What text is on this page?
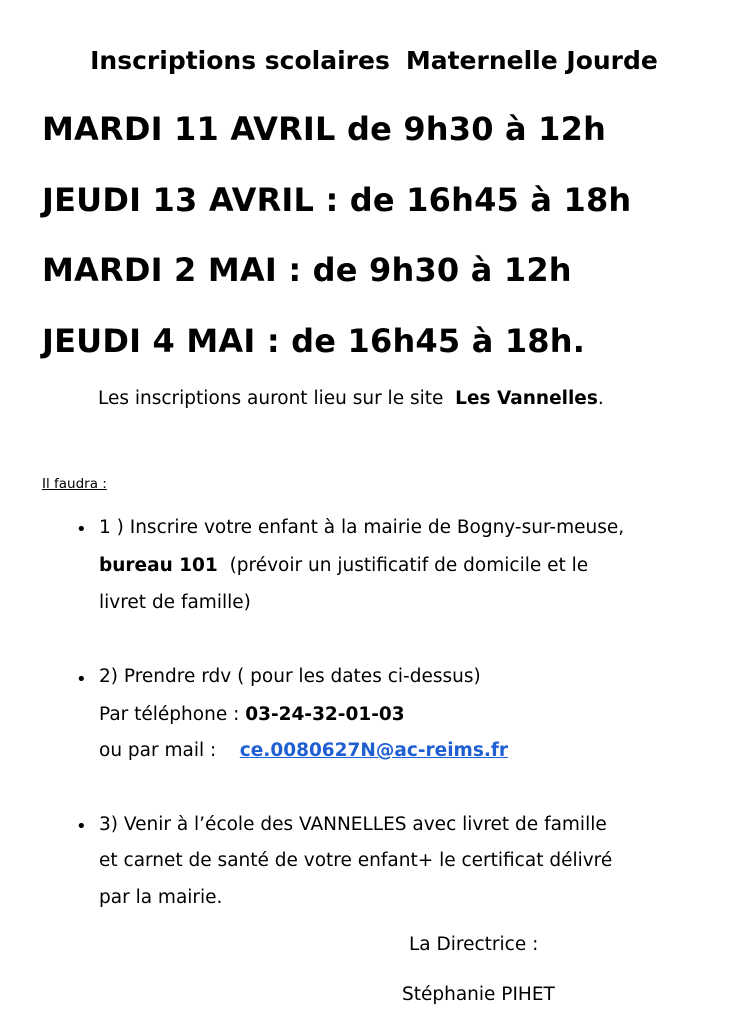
Inscriptions scolaires Maternelle Jourde
MARDI 11 AVRIL de 9h30 à 12h
JEUDI 13 AVRIL : de 16h45 à 18h
MARDI 2 MAI : de 9h30 à 12h
JEUDI 4 MAI : de 16h45 à 18h.
Les inscriptions auront lieu sur le site Les Vannelles.
Il faudra :
• 1 ) Inscrire votre enfant à la mairie de Bogny-sur-meuse,
bureau 101 (prévoir un justificatif de domicile et le
livret de famille)
• 2) Prendre rdv ( pour les dates ci-dessus)
Par téléphone : 03-24-32-01-03
ou par mail : ce.0080627N@ac-reims.fr
• 3) Venir à l’école des VANNELLES avec livret de famille
et carnet de santé de votre enfant+ le certificat délivré
par la mairie.
La Directrice :
Stéphanie PIHET
